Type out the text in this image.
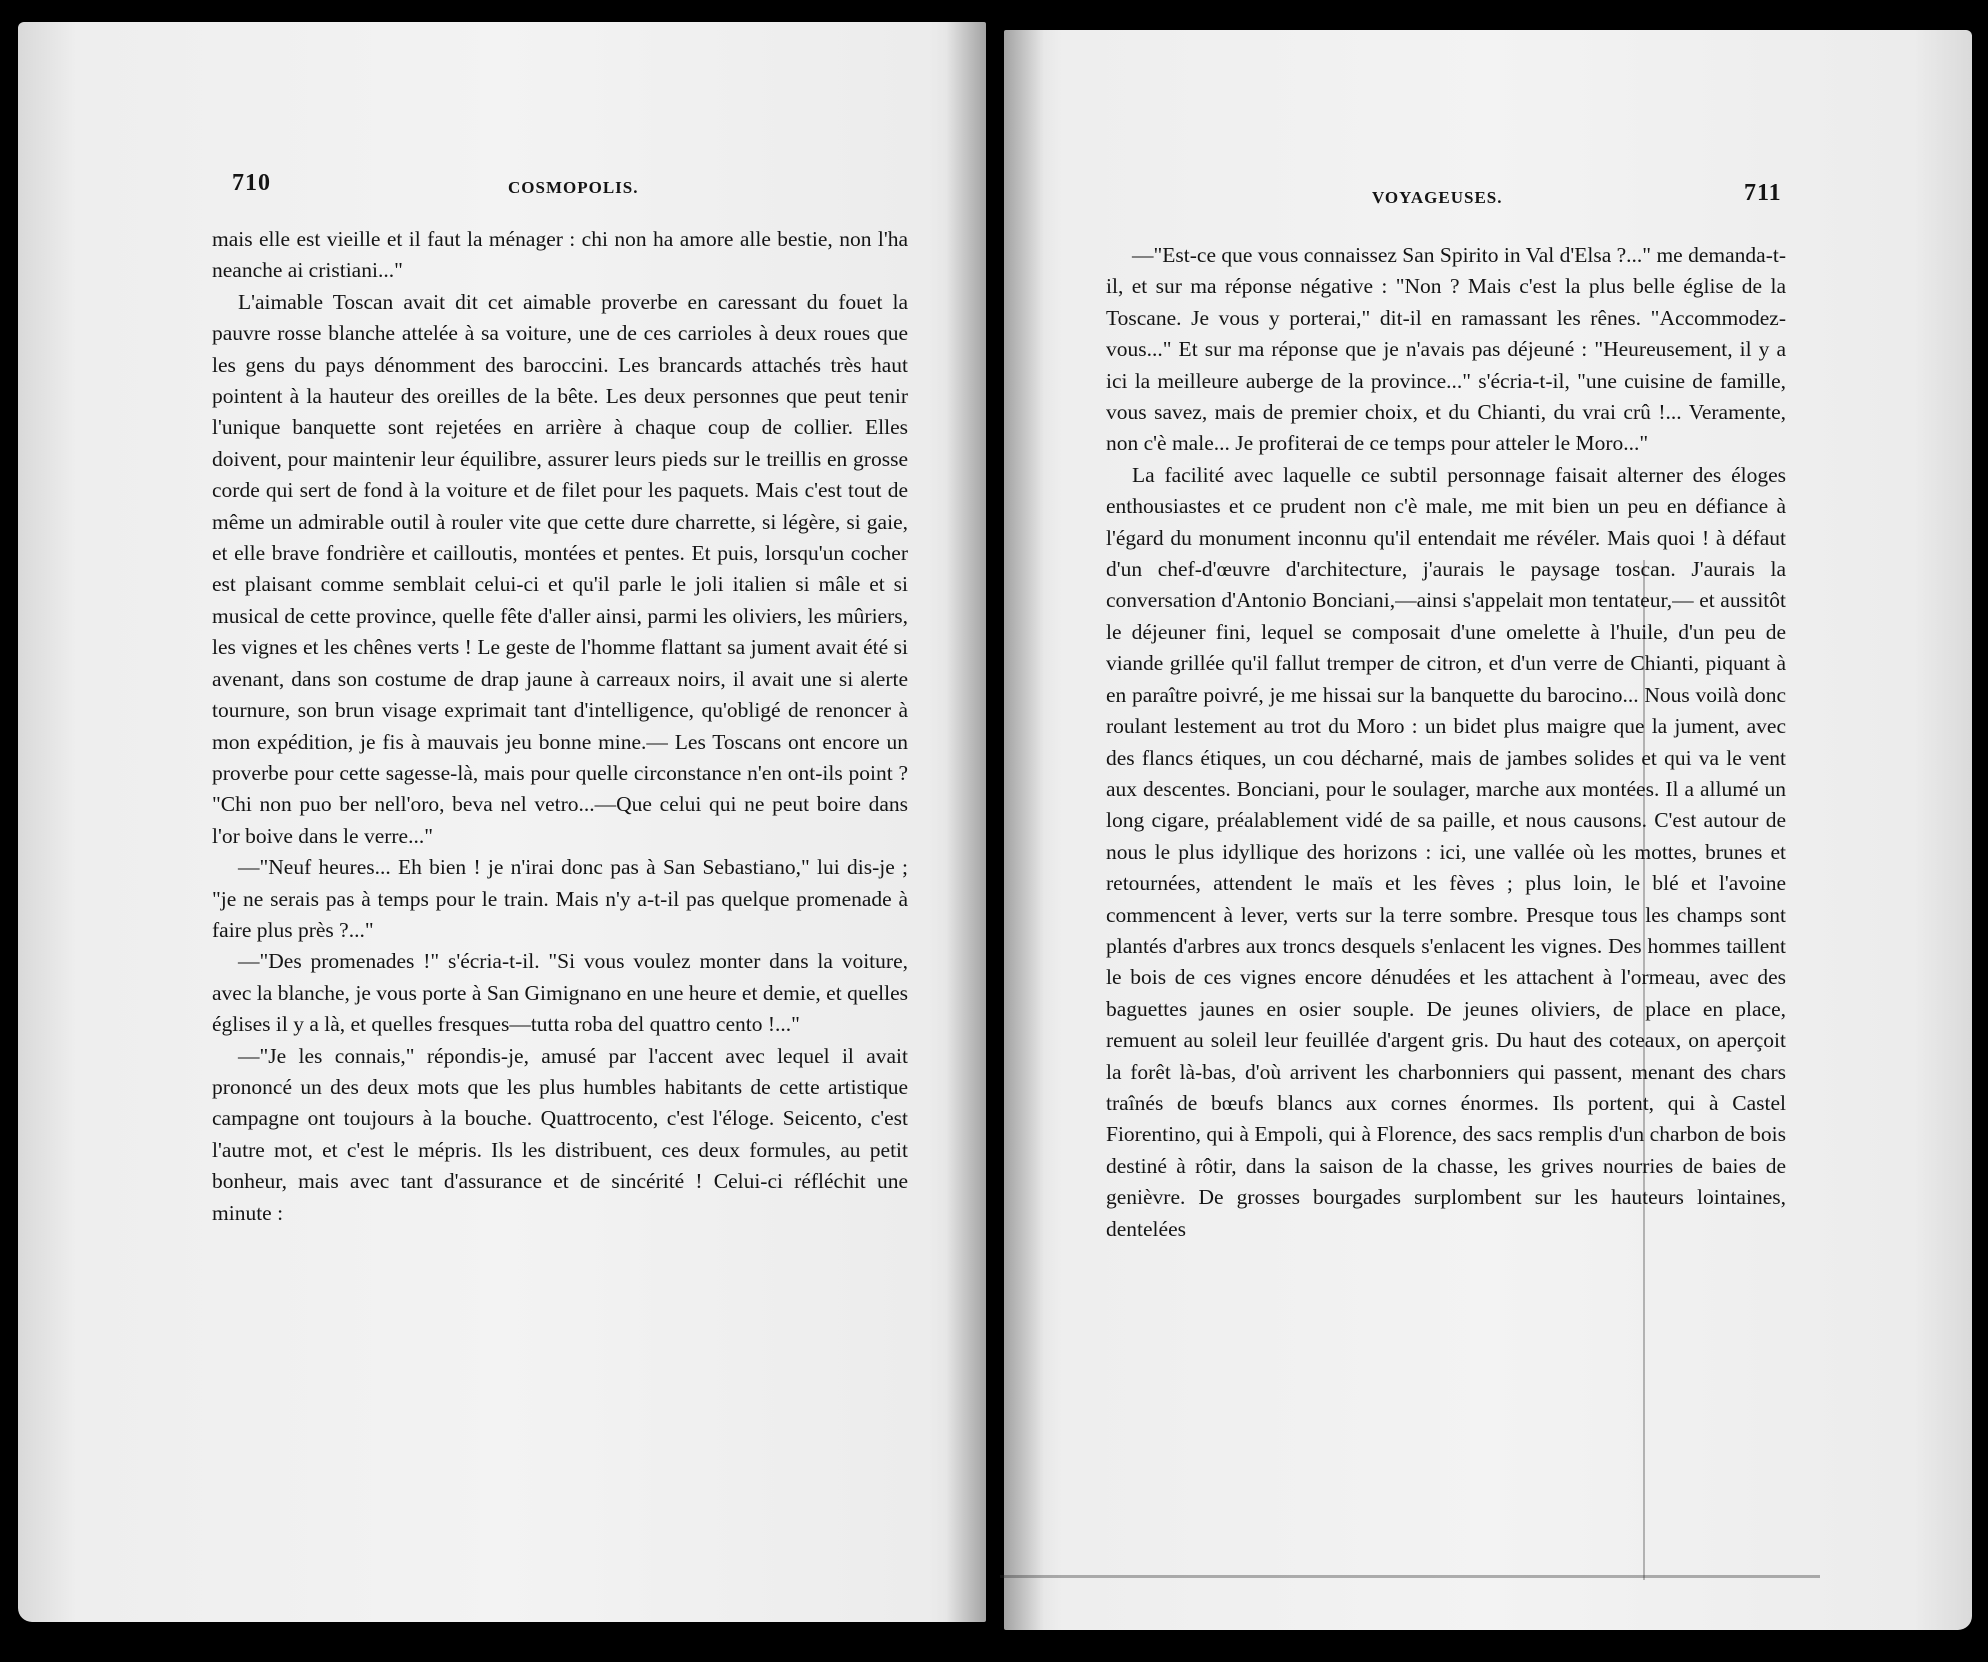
710	COSMOPOLIS.
VOYAGEUSES.	711

mais elle est vieille et il faut la ménager : chi non ha amore alle bestie, non l'ha neanche ai cristiani..."

L'aimable Toscan avait dit cet aimable proverbe en caressant du fouet la pauvre rosse blanche attelée à sa voiture, une de ces carrioles à deux roues que les gens du pays dénomment des baroccini. Les brancards attachés très haut pointent à la hauteur des oreilles de la bête. Les deux personnes que peut tenir l'unique banquette sont rejetées en arrière à chaque coup de collier. Elles doivent, pour maintenir leur équilibre, assurer leurs pieds sur le treillis en grosse corde qui sert de fond à la voiture et de filet pour les paquets. Mais c'est tout de même un admirable outil à rouler vite que cette dure charrette, si légère, si gaie, et elle brave fondrière et cailloutis, montées et pentes. Et puis, lorsqu'un cocher est plaisant comme semblait celui-ci et qu'il parle le joli italien si mâle et si musical de cette province, quelle fête d'aller ainsi, parmi les oliviers, les mûriers, les vignes et les chênes verts ! Le geste de l'homme flattant sa jument avait été si avenant, dans son costume de drap jaune à carreaux noirs, il avait une si alerte tournure, son brun visage exprimait tant d'intelligence, qu'obligé de renoncer à mon expédition, je fis à mauvais jeu bonne mine.— Les Toscans ont encore un proverbe pour cette sagesse-là, mais pour quelle circonstance n'en ont-ils point ? "Chi non puo ber nell'oro, beva nel vetro...—Que celui qui ne peut boire dans l'or boive dans le verre..."

—"Neuf heures... Eh bien ! je n'irai donc pas à San Sebastiano," lui dis-je ; "je ne serais pas à temps pour le train. Mais n'y a-t-il pas quelque promenade à faire plus près ?..."

—"Des promenades !" s'écria-t-il. "Si vous voulez monter dans la voiture, avec la blanche, je vous porte à San Gimignano en une heure et demie, et quelles églises il y a là, et quelles fresques—tutta roba del quattro cento !..."

—"Je les connais," répondis-je, amusé par l'accent avec lequel il avait prononcé un des deux mots que les plus humbles habitants de cette artistique campagne ont toujours à la bouche. Quattrocento, c'est l'éloge. Seicento, c'est l'autre mot, et c'est le mépris. Ils les distribuent, ces deux formules, au petit bonheur, mais avec tant d'assurance et de sincérité ! Celui-ci réfléchit une minute :

—"Est-ce que vous connaissez San Spirito in Val d'Elsa ?..." me demanda-t-il, et sur ma réponse négative : "Non ? Mais c'est la plus belle église de la Toscane. Je vous y porterai," dit-il en ramassant les rênes. "Accommodez-vous..." Et sur ma réponse que je n'avais pas déjeuné : "Heureusement, il y a ici la meilleure auberge de la province..." s'écria-t-il, "une cuisine de famille, vous savez, mais de premier choix, et du Chianti, du vrai crû !... Veramente, non c'è male... Je profiterai de ce temps pour atteler le Moro..."

La facilité avec laquelle ce subtil personnage faisait alterner des éloges enthousiastes et ce prudent non c'è male, me mit bien un peu en défiance à l'égard du monument inconnu qu'il entendait me révéler. Mais quoi ! à défaut d'un chef-d'œuvre d'architecture, j'aurais le paysage toscan. J'aurais la conversation d'Antonio Bonciani,—ainsi s'appelait mon tentateur,— et aussitôt le déjeuner fini, lequel se composait d'une omelette à l'huile, d'un peu de viande grillée qu'il fallut tremper de citron, et d'un verre de Chianti, piquant à en paraître poivré, je me hissai sur la banquette du barocino... Nous voilà donc roulant lestement au trot du Moro : un bidet plus maigre que la jument, avec des flancs étiques, un cou décharné, mais de jambes solides et qui va le vent aux descentes. Bonciani, pour le soulager, marche aux montées. Il a allumé un long cigare, préalablement vidé de sa paille, et nous causons. C'est autour de nous le plus idyllique des horizons : ici, une vallée où les mottes, brunes et retournées, attendent le maïs et les fèves ; plus loin, le blé et l'avoine commencent à lever, verts sur la terre sombre. Presque tous les champs sont plantés d'arbres aux troncs desquels s'enlacent les vignes. Des hommes taillent le bois de ces vignes encore dénudées et les attachent à l'ormeau, avec des baguettes jaunes en osier souple. De jeunes oliviers, de place en place, remuent au soleil leur feuillée d'argent gris. Du haut des coteaux, on aperçoit la forêt là-bas, d'où arrivent les charbonniers qui passent, menant des chars traînés de bœufs blancs aux cornes énormes. Ils portent, qui à Castel Fiorentino, qui à Empoli, qui à Florence, des sacs remplis d'un charbon de bois destiné à rôtir, dans la saison de la chasse, les grives nourries de baies de genièvre. De grosses bourgades surplombent sur les hauteurs lointaines, dentelées
